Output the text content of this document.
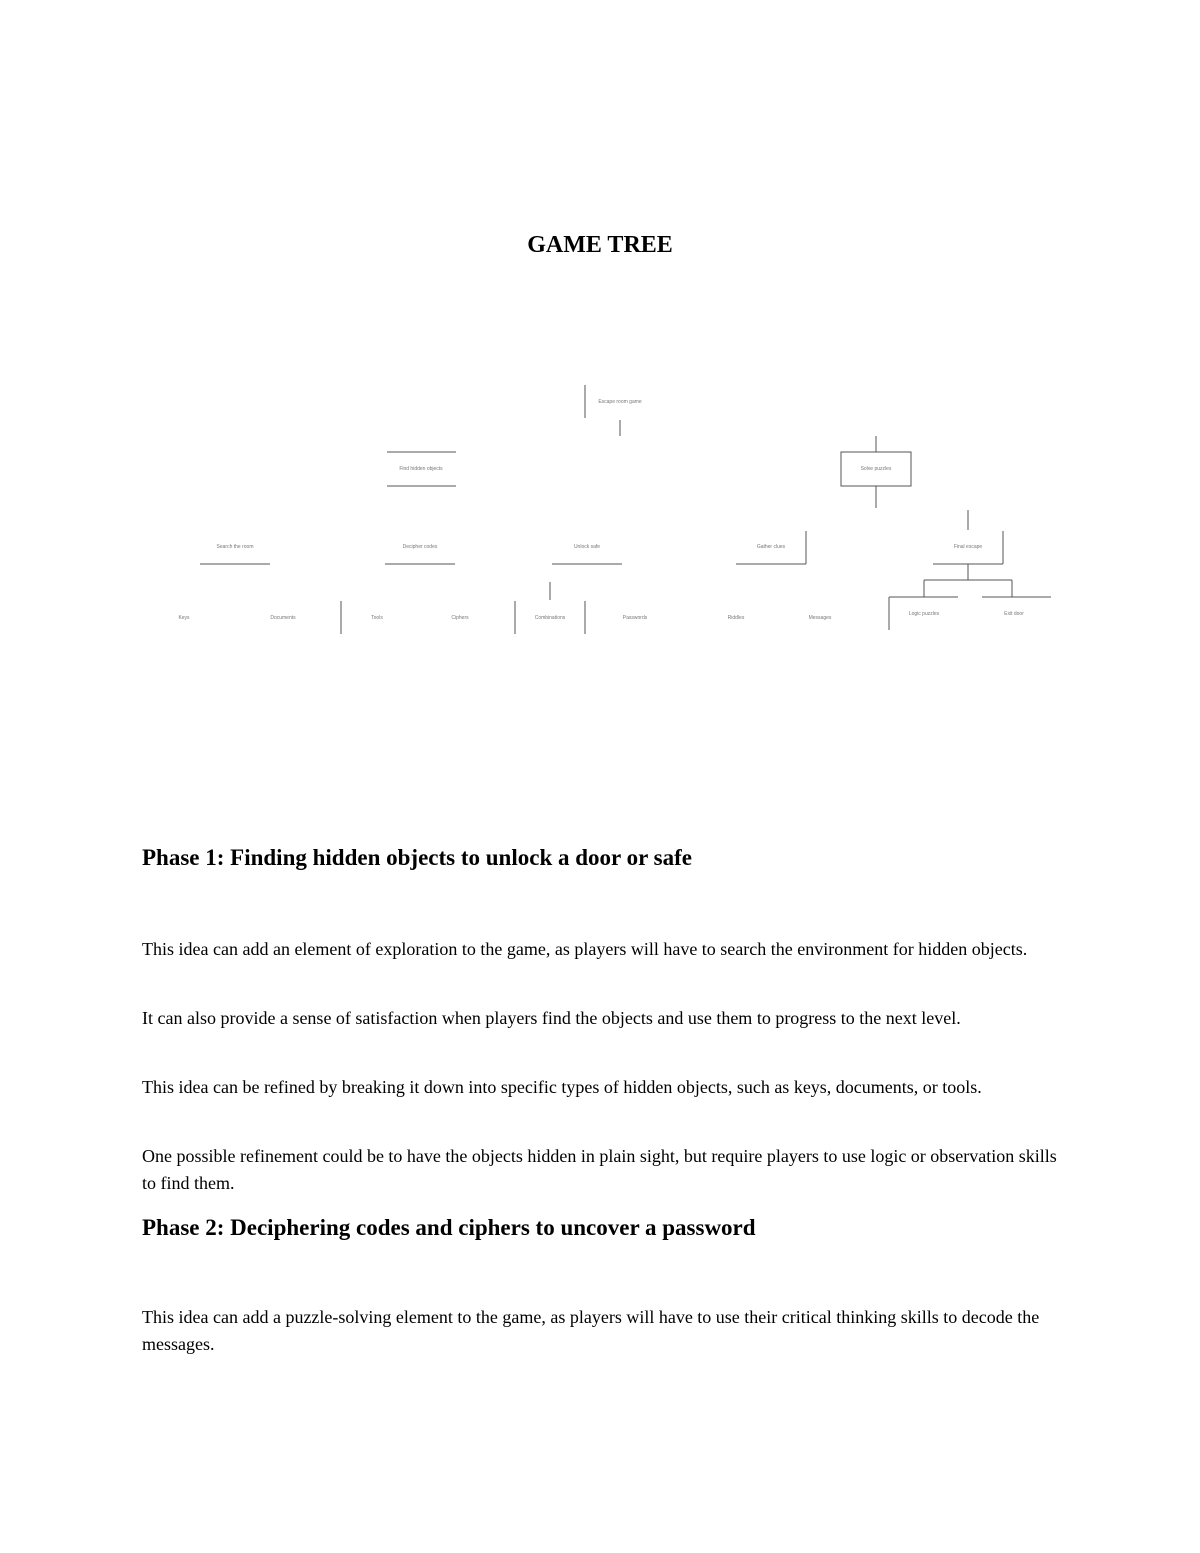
GAME TREE
Escape room game
Find hidden objects	Solve puzzles
Search the room	Decipher codes	Unlock safe	Gather clues	Final escape
Keys	Documents	Tools	Ciphers	Combinations	Passwords	Riddles	Messages
Logic puzzles	Exit door
Phase 1: Finding hidden objects to unlock a door or safe

This idea can add an element of exploration to the game, as players will have to search the environment for hidden objects.

It can also provide a sense of satisfaction when players find the objects and use them to progress to the next level.

This idea can be refined by breaking it down into specific types of hidden objects, such as keys, documents, or tools.

One possible refinement could be to have the objects hidden in plain sight, but require players to use logic or observation skills to find them.

Phase 2: Deciphering codes and ciphers to uncover a password

This idea can add a puzzle-solving element to the game, as players will have to use their critical thinking skills to decode the messages.
